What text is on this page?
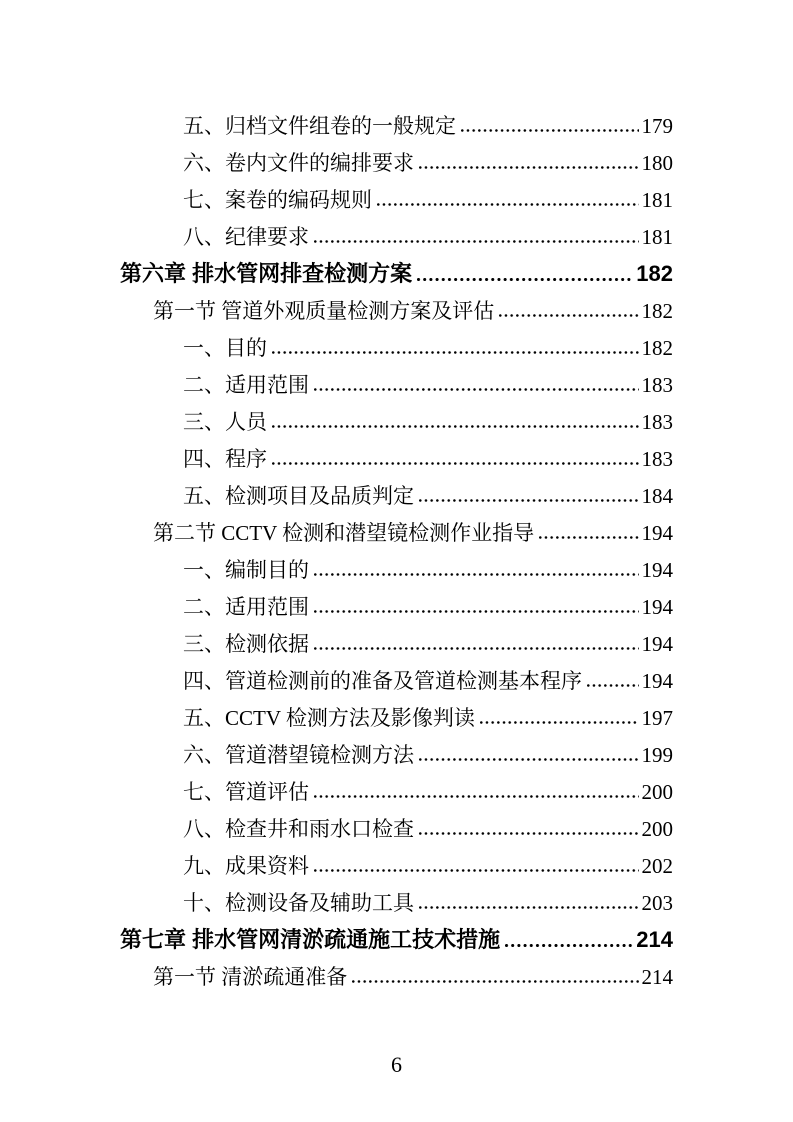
五、归档文件组卷的一般规定	179
六、卷内文件的编排要求	180
七、案卷的编码规则	181
八、纪律要求	181
第六章 排水管网排查检测方案	182
第一节 管道外观质量检测方案及评估	182
一、目的	182
二、适用范围	183
三、人员	183
四、程序	183
五、检测项目及品质判定	184
第二节 CCTV 检测和潜望镜检测作业指导	194
一、编制目的	194
二、适用范围	194
三、检测依据	194
四、管道检测前的准备及管道检测基本程序	194
五、CCTV 检测方法及影像判读	197
六、管道潜望镜检测方法	199
七、管道评估	200
八、检查井和雨水口检查	200
九、成果资料	202
十、检测设备及辅助工具	203
第七章 排水管网清淤疏通施工技术措施	214
第一节 清淤疏通准备	214
6
